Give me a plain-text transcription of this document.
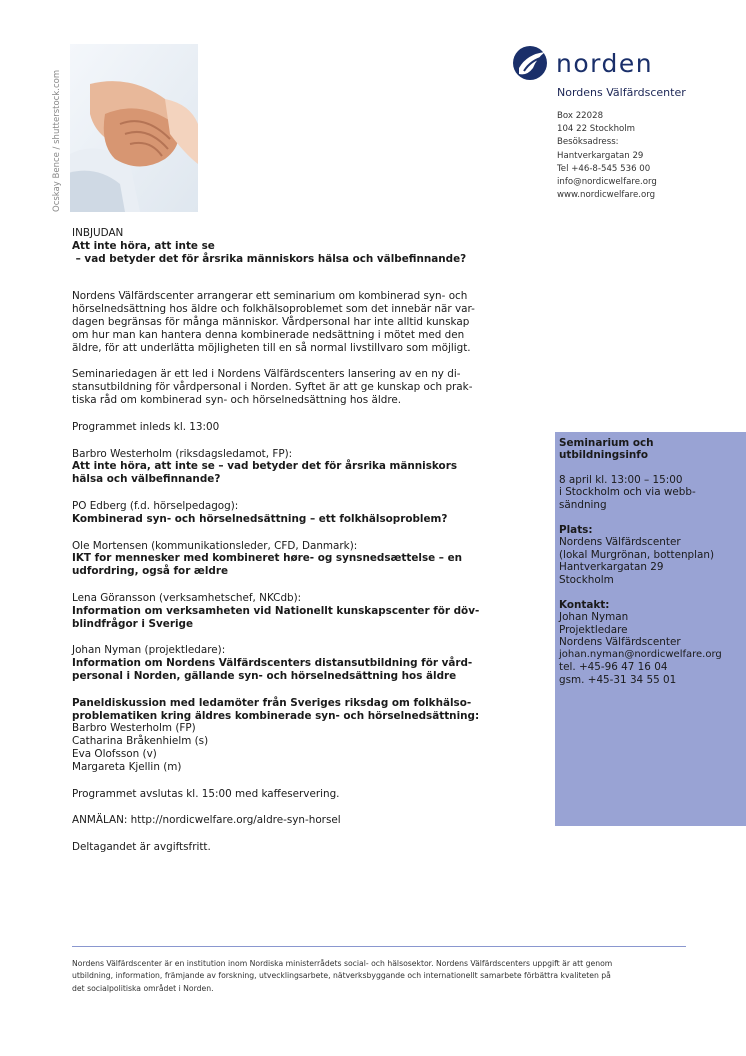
Ocskay Bence / shutterstock.com
norden
Nordens Välfärdscenter
Box 22028
104 22 Stockholm
Besöksadress:
Hantverkargatan 29
Tel +46-8-545 536 00
info@nordicwelfare.org
www.nordicwelfare.org

INBJUDAN

Att inte höra, att inte se

– vad betyder det för årsrika människors hälsa och välbefinnande?

Nordens Välfärdscenter arrangerar ett seminarium om kombinerad syn- och

hörselnedsättning hos äldre och folkhälsoproblemet som det innebär när var-

dagen begränsas för många människor. Vårdpersonal har inte alltid kunskap

om hur man kan hantera denna kombinerade nedsättning i mötet med den

äldre, för att underlätta möjligheten till en så normal livstillvaro som möjligt.

Seminariedagen är ett led i Nordens Välfärdscenters lansering av en ny di-

stansutbildning för vårdpersonal i Norden. Syftet är att ge kunskap och prak-

tiska råd om kombinerad syn- och hörselnedsättning hos äldre.

Programmet inleds kl. 13:00

Barbro Westerholm (riksdagsledamot, FP):

Att inte höra, att inte se – vad betyder det för årsrika människors

hälsa och välbefinnande?

PO Edberg (f.d. hörselpedagog):

Kombinerad syn- och hörselnedsättning – ett folkhälsoproblem?

Ole Mortensen (kommunikationsleder, CFD, Danmark):

IKT for mennesker med kombineret høre- og synsnedsættelse – en

udfordring, også for ældre

Lena Göransson (verksamhetschef, NKCdb):

Information om verksamheten vid Nationellt kunskapscenter för döv-

blindfrågor i Sverige

Johan Nyman (projektledare):

Information om Nordens Välfärdscenters distansutbildning för vård-

personal i Norden, gällande syn- och hörselnedsättning hos äldre

Paneldiskussion med ledamöter från Sveriges riksdag om folkhälso-

problematiken kring äldres kombinerade syn- och hörselnedsättning:

Barbro Westerholm (FP)

Catharina Bråkenhielm (s)

Eva Olofsson (v)

Margareta Kjellin (m)

Programmet avslutas kl. 15:00 med kaffeservering.

ANMÄLAN: http://nordicwelfare.org/aldre-syn-horsel

Deltagandet är avgiftsfritt.

Seminarium och

utbildningsinfo

8 april kl. 13:00 – 15:00

i Stockholm och via webb-

sändning

Plats:

Nordens Välfärdscenter

(lokal Murgrönan, bottenplan)

Hantverkargatan 29

Stockholm

Kontakt:

Johan Nyman

Projektledare

Nordens Välfärdscenter

johan.nyman@nordicwelfare.org

tel. +45-96 47 16 04

gsm. +45-31 34 55 01

Nordens Välfärdscenter är en institution inom Nordiska ministerrådets social- och hälsosektor. Nordens Välfärdscenters uppgift är att genom
utbildning, information, främjande av forskning, utvecklingsarbete, nätverksbyggande och internationellt samarbete förbättra kvaliteten på
det socialpolitiska området i Norden.
